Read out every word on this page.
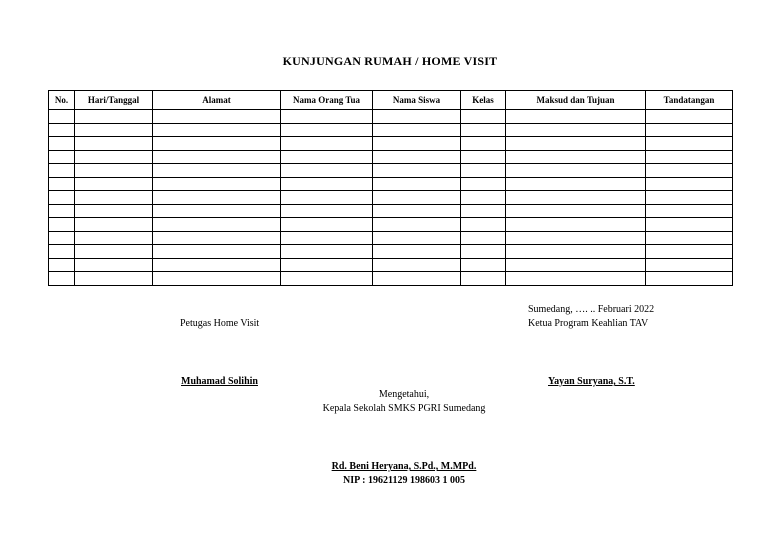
KUNJUNGAN RUMAH / HOME VISIT
No.	Hari/Tanggal	Alamat	Nama Orang Tua	Nama Siswa	Kelas	Maksud dan Tujuan	Tandatangan

Sumedang, …. .. Februari 2022
Petugas Home Visit	Ketua Program Keahlian TAV
Muhamad Solihin	Yayan Suryana, S.T.
Mengetahui,
Kepala Sekolah SMKS PGRI Sumedang
Rd. Beni Heryana, S.Pd., M.MPd.
NIP : 19621129 198603 1 005
